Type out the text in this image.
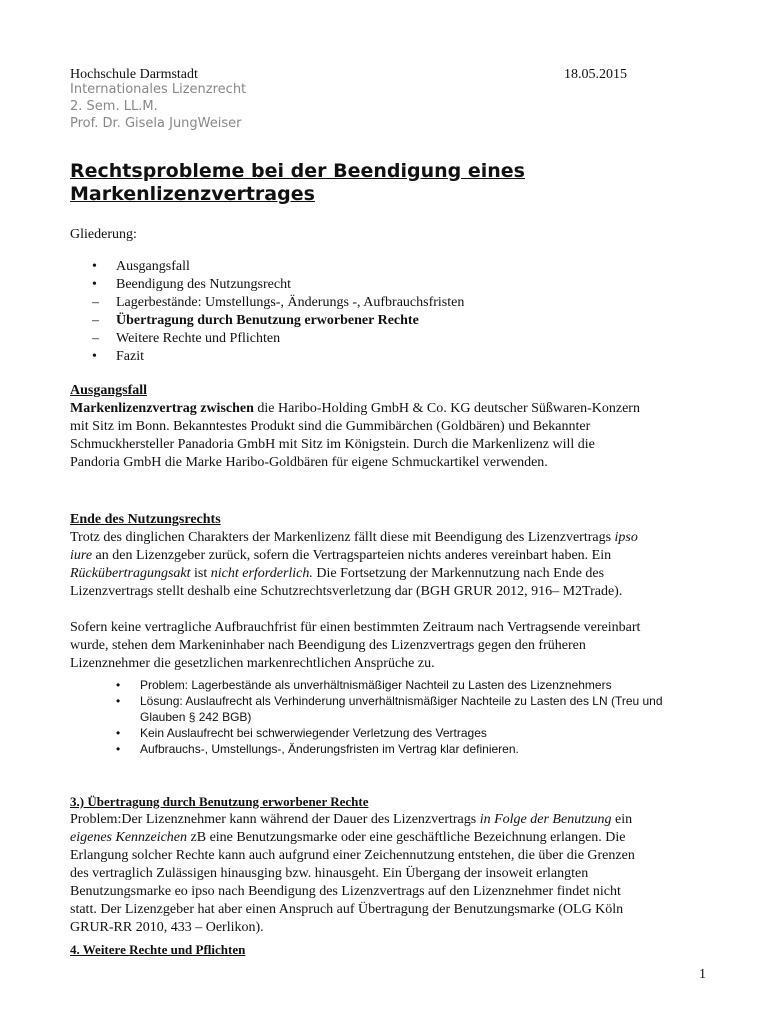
Hochschule Darmstadt	18.05.2015
Internationales Lizenzrecht
2. Sem. LL.M.
Prof. Dr. Gisela JungWeiser
Rechtsprobleme bei der Beendigung eines
Markenlizenzvertrages
Gliederung:
• Ausgangsfall
• Beendigung des Nutzungsrecht
– Lagerbestände: Umstellungs-, Änderungs -, Aufbrauchsfristen
– Übertragung durch Benutzung erworbener Rechte
– Weitere Rechte und Pflichten
• Fazit
Ausgangsfall
Markenlizenzvertrag zwischen die Haribo-Holding GmbH & Co. KG deutscher Süßwaren-Konzern
mit Sitz im Bonn. Bekanntestes Produkt sind die Gummibärchen (Goldbären) und Bekannter
Schmuckhersteller Panadoria GmbH mit Sitz im Königstein. Durch die Markenlizenz will die
Pandoria GmbH die Marke Haribo-Goldbären für eigene Schmuckartikel verwenden.
Ende des Nutzungsrechts
Trotz des dinglichen Charakters der Markenlizenz fällt diese mit Beendigung des Lizenzvertrags ipso
iure an den Lizenzgeber zurück, sofern die Vertragsparteien nichts anderes vereinbart haben. Ein
Rückübertragungsakt ist nicht erforderlich. Die Fortsetzung der Markennutzung nach Ende des
Lizenzvertrags stellt deshalb eine Schutzrechtsverletzung dar (BGH GRUR 2012, 916– M2Trade).
Sofern keine vertragliche Aufbrauchfrist für einen bestimmten Zeitraum nach Vertragsende vereinbart
wurde, stehen dem Markeninhaber nach Beendigung des Lizenzvertrags gegen den früheren
Lizenznehmer die gesetzlichen markenrechtlichen Ansprüche zu.
• Problem: Lagerbestände als unverhältnismäßiger Nachteil zu Lasten des Lizenznehmers
• Lösung: Auslaufrecht als Verhinderung unverhältnismäßiger Nachteile zu Lasten des LN (Treu und
Glauben § 242 BGB)
• Kein Auslaufrecht bei schwerwiegender Verletzung des Vertrages
• Aufbrauchs-, Umstellungs-, Änderungsfristen im Vertrag klar definieren.
3.) Übertragung durch Benutzung erworbener Rechte
Problem:Der Lizenznehmer kann während der Dauer des Lizenzvertrags in Folge der Benutzung ein
eigenes Kennzeichen zB eine Benutzungsmarke oder eine geschäftliche Bezeichnung erlangen. Die
Erlangung solcher Rechte kann auch aufgrund einer Zeichennutzung entstehen, die über die Grenzen
des vertraglich Zulässigen hinausging bzw. hinausgeht. Ein Übergang der insoweit erlangten
Benutzungsmarke eo ipso nach Beendigung des Lizenzvertrags auf den Lizenznehmer findet nicht
statt. Der Lizenzgeber hat aber einen Anspruch auf Übertragung der Benutzungsmarke (OLG Köln
GRUR-RR 2010, 433 – Oerlikon).
4. Weitere Rechte und Pflichten
1
